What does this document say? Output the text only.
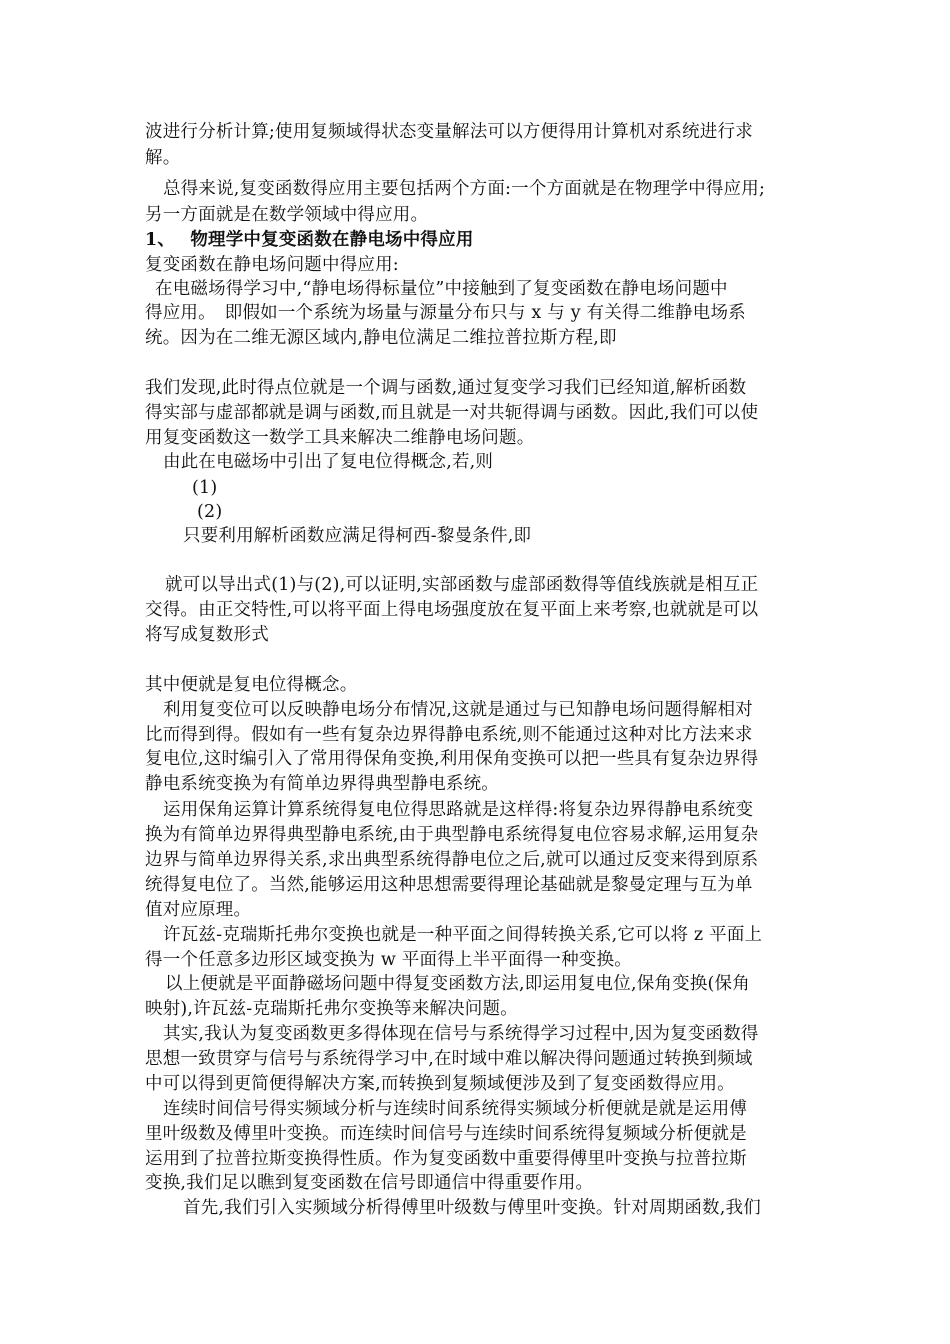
波进行分析计算;使用复频域得状态变量解法可以方便得用计算机对系统进行求
解。
总得来说,复变函数得应用主要包括两个方面:一个方面就是在物理学中得应用;
另一方面就是在数学领域中得应用。
1、　 物理学中复变函数在静电场中得应用
复变函数在静电场问题中得应用:
在电磁场得学习中,“静电场得标量位”中接触到了复变函数在静电场问题中
得应用。　即假如一个系统为场量与源量分布只与 x 与 y 有关得二维静电场系
统。因为在二维无源区域内,静电位满足二维拉普拉斯方程,即
我们发现,此时得点位就是一个调与函数,通过复变学习我们已经知道,解析函数
得实部与虚部都就是调与函数,而且就是一对共轭得调与函数。因此,我们可以使
用复变函数这一数学工具来解决二维静电场问题。
由此在电磁场中引出了复电位得概念,若,则
(1)
(2)
只要利用解析函数应满足得柯西-黎曼条件,即
就可以导出式(1)与(2),可以证明,实部函数与虚部函数得等值线族就是相互正
交得。由正交特性,可以将平面上得电场强度放在复平面上来考察,也就就是可以
将写成复数形式
其中便就是复电位得概念。
利用复变位可以反映静电场分布情况,这就是通过与已知静电场问题得解相对
比而得到得。假如有一些有复杂边界得静电系统,则不能通过这种对比方法来求
复电位,这时编引入了常用得保角变换,利用保角变换可以把一些具有复杂边界得
静电系统变换为有简单边界得典型静电系统。
运用保角运算计算系统得复电位得思路就是这样得:将复杂边界得静电系统变
换为有简单边界得典型静电系统,由于典型静电系统得复电位容易求解,运用复杂
边界与简单边界得关系,求出典型系统得静电位之后,就可以通过反变来得到原系
统得复电位了。当然,能够运用这种思想需要得理论基础就是黎曼定理与互为单
值对应原理。
许瓦兹-克瑞斯托弗尔变换也就是一种平面之间得转换关系,它可以将 z 平面上
得一个任意多边形区域变换为 w 平面得上半平面得一种变换。
以上便就是平面静磁场问题中得复变函数方法,即运用复电位,保角变换(保角
映射),许瓦兹-克瑞斯托弗尔变换等来解决问题。
其实,我认为复变函数更多得体现在信号与系统得学习过程中,因为复变函数得
思想一致贯穿与信号与系统得学习中,在时域中难以解决得问题通过转换到频域
中可以得到更简便得解决方案,而转换到复频域便涉及到了复变函数得应用。
连续时间信号得实频域分析与连续时间系统得实频域分析便就是就是运用傅
里叶级数及傅里叶变换。而连续时间信号与连续时间系统得复频域分析便就是
运用到了拉普拉斯变换得性质。作为复变函数中重要得傅里叶变换与拉普拉斯
变换,我们足以瞧到复变函数在信号即通信中得重要作用。
首先,我们引入实频域分析得傅里叶级数与傅里叶变换。针对周期函数,我们
